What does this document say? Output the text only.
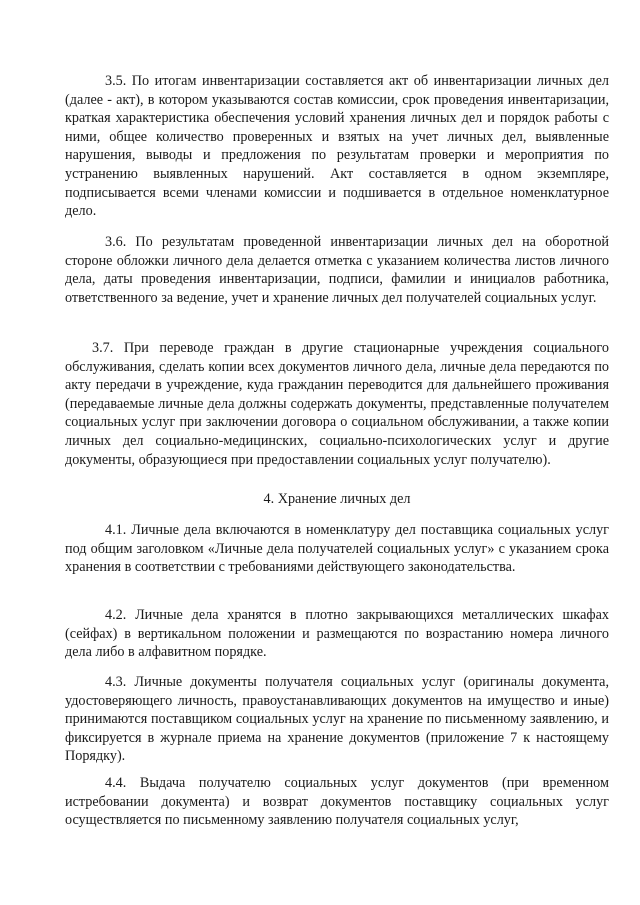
3.5. По итогам инвентаризации составляется акт об инвентаризации личных дел (далее - акт), в котором указываются состав комиссии, срок проведения инвентаризации, краткая характеристика обеспечения условий хранения личных дел и порядок работы с ними, общее количество проверенных и взятых на учет личных дел, выявленные нарушения, выводы и предложения по результатам проверки и мероприятия по устранению выявленных нарушений. Акт составляется в одном экземпляре, подписывается всеми членами комиссии и подшивается в отдельное номенклатурное дело.

3.6. По результатам проведенной инвентаризации личных дел на оборотной стороне обложки личного дела делается отметка с указанием количества листов личного дела, даты проведения инвентаризации, подписи, фамилии и инициалов работника, ответственного за ведение, учет и хранение личных дел получателей социальных услуг.

3.7. При переводе граждан в другие стационарные учреждения социального обслуживания, сделать копии всех документов личного дела, личные дела передаются по акту передачи в учреждение, куда гражданин переводится для дальнейшего проживания (передаваемые личные дела должны содержать документы, представленные получателем социальных услуг при заключении договора о социальном обслуживании, а также копии личных дел социально-медицинских, социально-психологических услуг и другие документы, образующиеся при предоставлении социальных услуг получателю).

4. Хранение личных дел

4.1. Личные дела включаются в номенклатуру дел поставщика социальных услуг под общим заголовком «Личные дела получателей социальных услуг» с указанием срока хранения в соответствии с требованиями действующего законодательства.

4.2. Личные дела хранятся в плотно закрывающихся металлических шкафах (сейфах) в вертикальном положении и размещаются по возрастанию номера личного дела либо в алфавитном порядке.

4.3. Личные документы получателя социальных услуг (оригиналы документа, удостоверяющего личность, правоустанавливающих документов на имущество и иные) принимаются поставщиком социальных услуг на хранение по письменному заявлению, и фиксируется в журнале приема на хранение документов (приложение 7 к настоящему Порядку).

4.4. Выдача получателю социальных услуг документов (при временном истребовании документа) и возврат документов поставщику социальных услуг осуществляется по письменному заявлению получателя социальных услуг,
